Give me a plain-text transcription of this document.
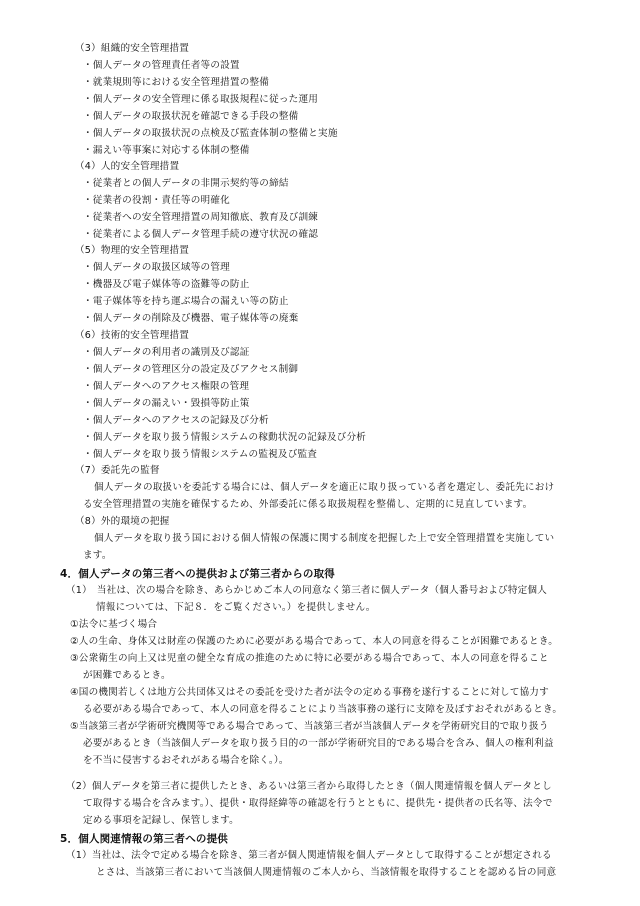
（3）組織的安全管理措置
・個人データの管理責任者等の設置
・就業規則等における安全管理措置の整備
・個人データの安全管理に係る取扱規程に従った運用
・個人データの取扱状況を確認できる手段の整備
・個人データの取扱状況の点検及び監査体制の整備と実施
・漏えい等事案に対応する体制の整備
（4）人的安全管理措置
・従業者との個人データの非開示契約等の締結
・従業者の役割・責任等の明確化
・従業者への安全管理措置の周知徹底、教育及び訓練
・従業者による個人データ管理手続の遵守状況の確認
（5）物理的安全管理措置
・個人データの取扱区域等の管理
・機器及び電子媒体等の盗難等の防止
・電子媒体等を持ち運ぶ場合の漏えい等の防止
・個人データの削除及び機器、電子媒体等の廃棄
（6）技術的安全管理措置
・個人データの利用者の識別及び認証
・個人データの管理区分の設定及びアクセス制御
・個人データへのアクセス権限の管理
・個人データの漏えい・毀損等防止策
・個人データへのアクセスの記録及び分析
・個人データを取り扱う情報システムの稼動状況の記録及び分析
・個人データを取り扱う情報システムの監視及び監査
（7）委託先の監督
個人データの取扱いを委託する場合には、個人データを適正に取り扱っている者を選定し、委託先におけ
る安全管理措置の実施を確保するため、外部委託に係る取扱規程を整備し、定期的に見直しています。
（8）外的環境の把握
個人データを取り扱う国における個人情報の保護に関する制度を把握した上で安全管理措置を実施してい
ます。
4．個人データの第三者への提供および第三者からの取得
（1）　当社は、次の場合を除き、あらかじめご本人の同意なく第三者に個人データ（個人番号および特定個人
情報については、下記８．をご覧ください。）を提供しません。
①法令に基づく場合
②人の生命、身体又は財産の保護のために必要がある場合であって、本人の同意を得ることが困難であるとき。
③公衆衛生の向上又は児童の健全な育成の推進のために特に必要がある場合であって、本人の同意を得ること
が困難であるとき。
④国の機関若しくは地方公共団体又はその委託を受けた者が法令の定める事務を遂行することに対して協力す
る必要がある場合であって、本人の同意を得ることにより当該事務の遂行に支障を及ぼすおそれがあるとき。
⑤当該第三者が学術研究機関等である場合であって、当該第三者が当該個人データを学術研究目的で取り扱う
必要があるとき（当該個人データを取り扱う目的の一部が学術研究目的である場合を含み、個人の権利利益
を不当に侵害するおそれがある場合を除く。）。
（2）個人データを第三者に提供したとき、あるいは第三者から取得したとき（個人関連情報を個人データとし
て取得する場合を含みます。）、提供・取得経緯等の確認を行うとともに、提供先・提供者の氏名等、法令で
定める事項を記録し、保管します。
5．個人関連情報の第三者への提供
（1）当社は、法令で定める場合を除き、第三者が個人関連情報を個人データとして取得することが想定される
とさは、当該第三者において当該個人関連情報のご本人から、当該情報を取得することを認める旨の同意
